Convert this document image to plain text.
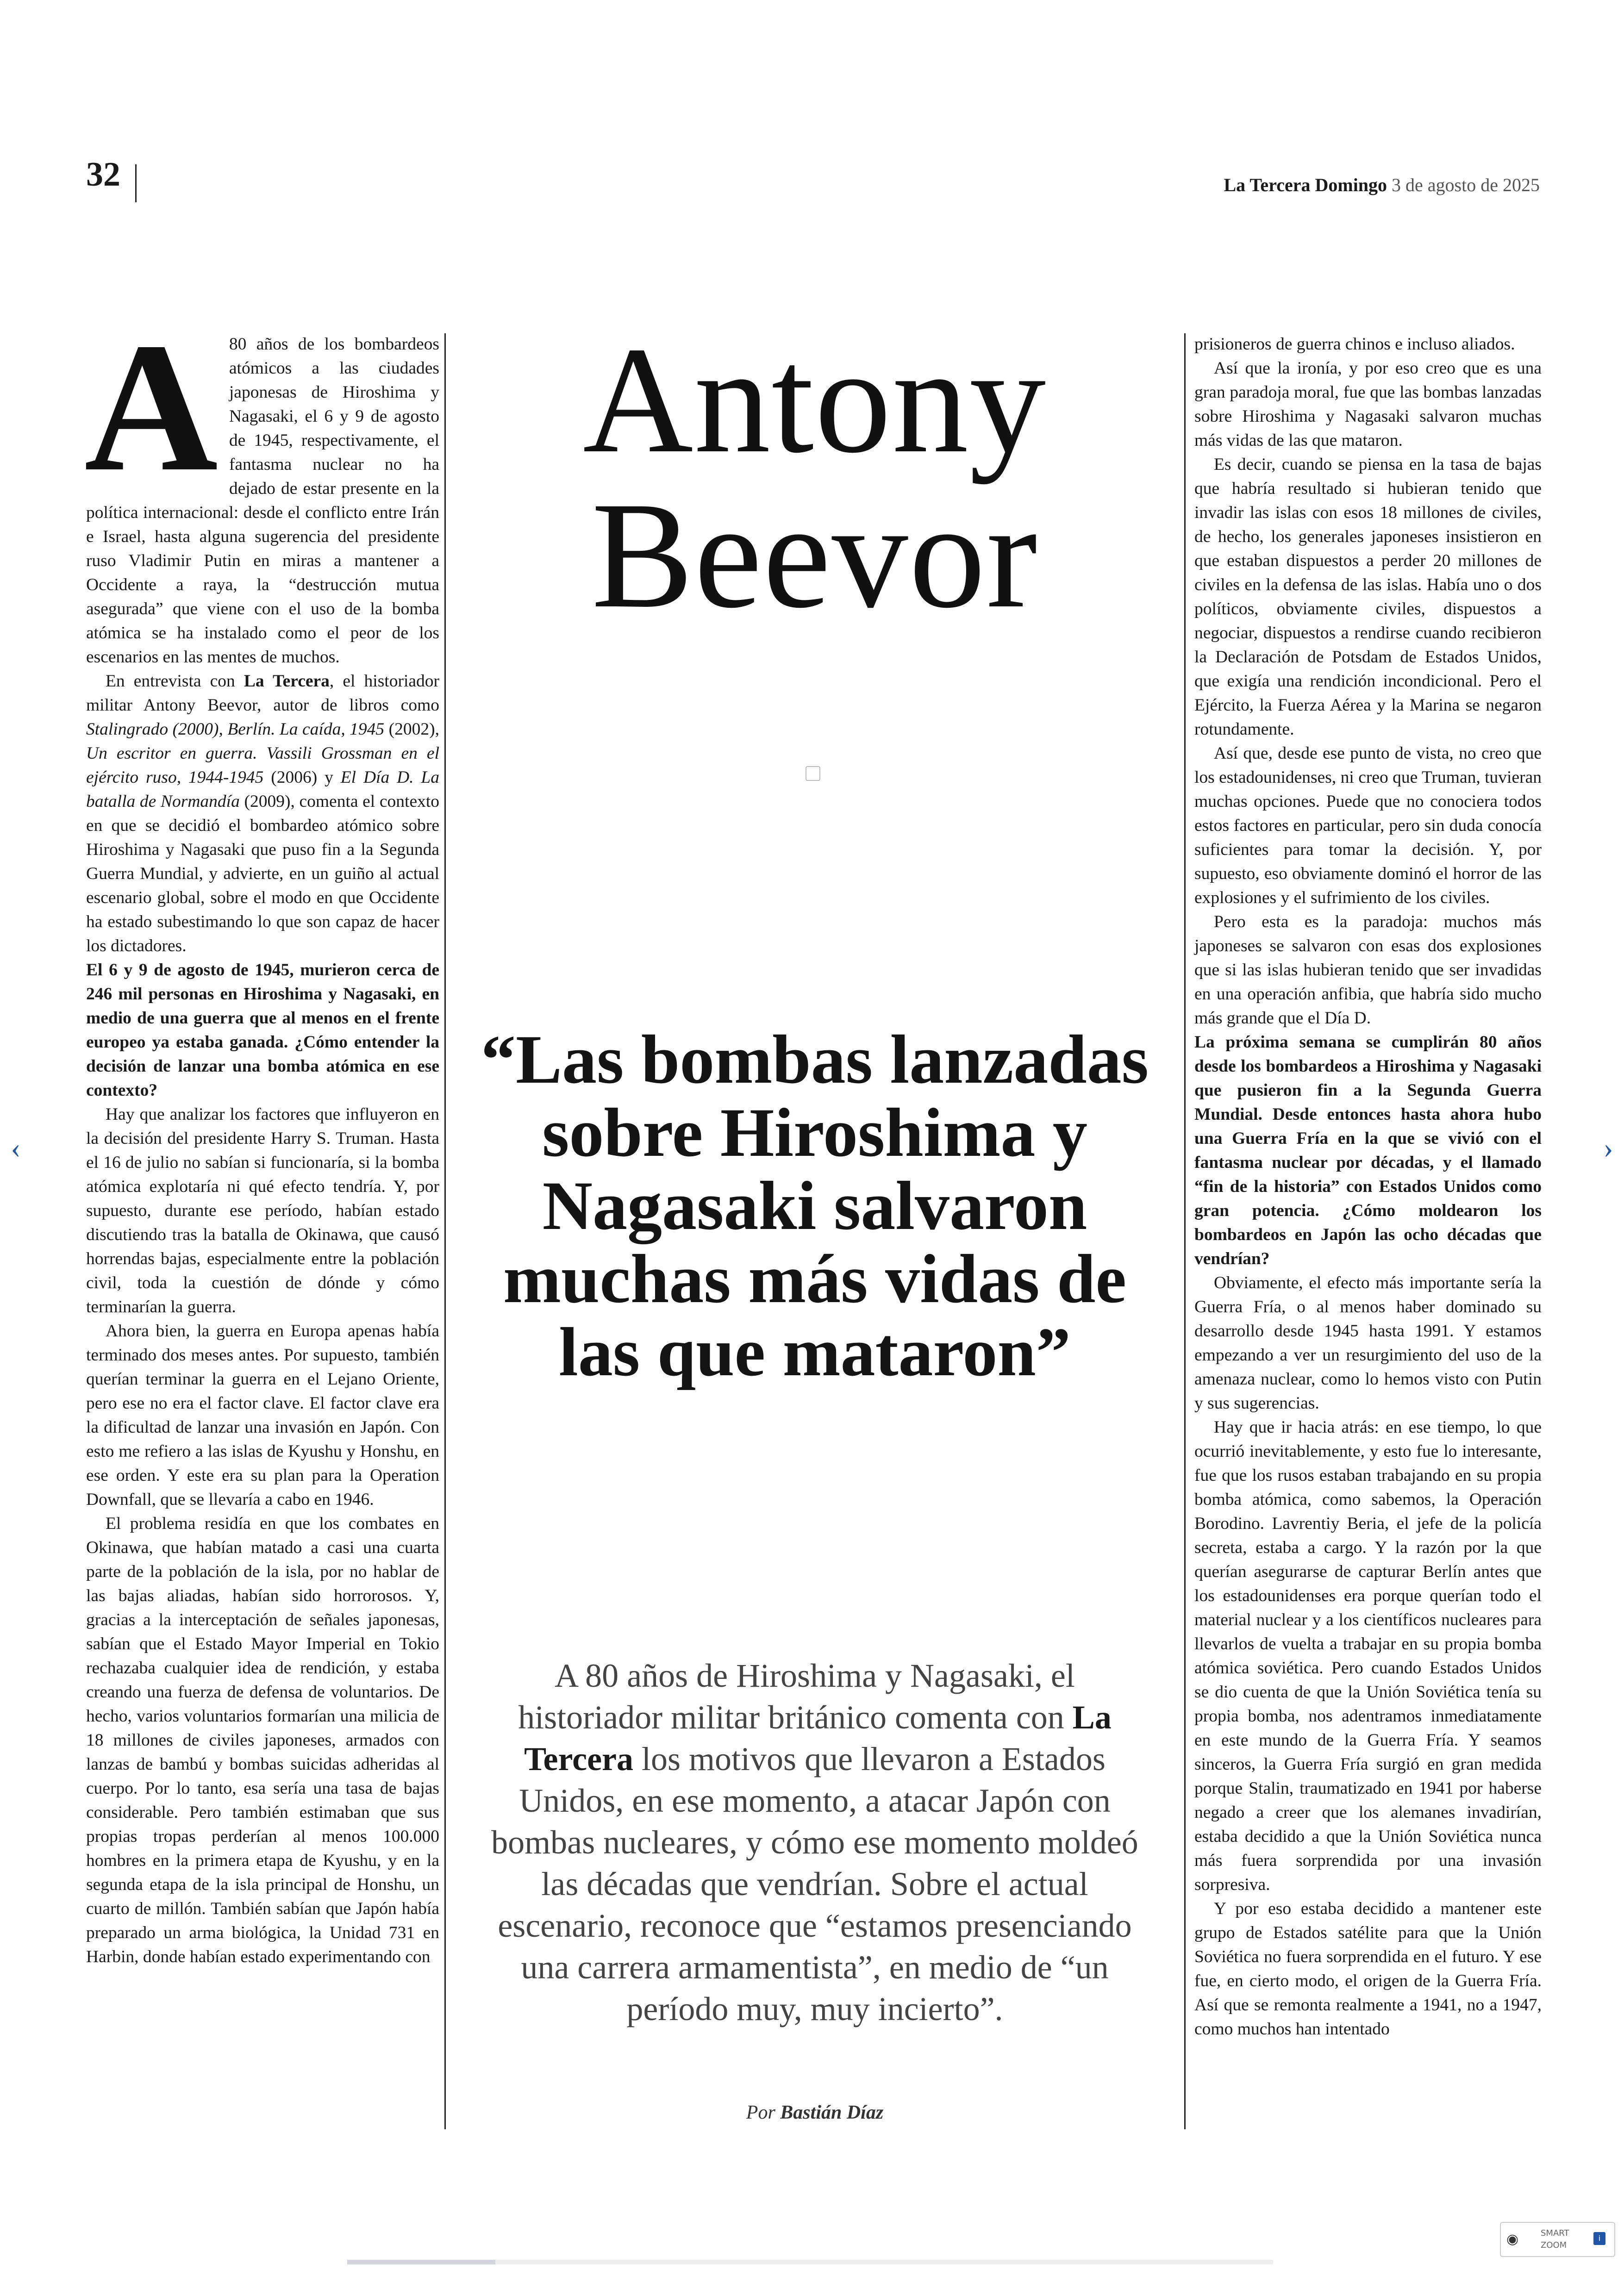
32	La Tercera Domingo 3 de agosto de 2025

A 80 años de los bombardeos atómicos a las ciudades japonesas de Hiroshima y Nagasaki, el 6 y 9 de agosto de 1945, respectivamente, el fantasma nuclear no ha dejado de estar presente en la política internacional: desde el conflicto entre Irán e Israel, hasta alguna sugerencia del presidente ruso Vladimir Putin en miras a mantener a Occidente a raya, la “destrucción mutua asegurada” que viene con el uso de la bomba atómica se ha instalado como el peor de los escenarios en las mentes de muchos.

En entrevista con La Tercera, el historiador militar Antony Beevor, autor de libros como Stalingrado (2000), Berlín. La caída, 1945 (2002), Un escritor en guerra. Vassili Grossman en el ejército ruso, 1944-1945 (2006) y El Día D. La batalla de Normandía (2009), comenta el contexto en que se decidió el bombardeo atómico sobre Hiroshima y Nagasaki que puso fin a la Segunda Guerra Mundial, y advierte, en un guiño al actual escenario global, sobre el modo en que Occidente ha estado subestimando lo que son capaz de hacer los dictadores.

El 6 y 9 de agosto de 1945, murieron cerca de 246 mil personas en Hiroshima y Nagasaki, en medio de una guerra que al menos en el frente europeo ya estaba ganada. ¿Cómo entender la decisión de lanzar una bomba atómica en ese contexto?

Hay que analizar los factores que influyeron en la decisión del presidente Harry S. Truman. Hasta el 16 de julio no sabían si funcionaría, si la bomba atómica explotaría ni qué efecto tendría. Y, por supuesto, durante ese período, habían estado discutiendo tras la batalla de Okinawa, que causó horrendas bajas, especialmente entre la población civil, toda la cuestión de dónde y cómo terminarían la guerra.

Ahora bien, la guerra en Europa apenas había terminado dos meses antes. Por supuesto, también querían terminar la guerra en el Lejano Oriente, pero ese no era el factor clave. El factor clave era la dificultad de lanzar una invasión en Japón. Con esto me refiero a las islas de Kyushu y Honshu, en ese orden. Y este era su plan para la Operation Downfall, que se llevaría a cabo en 1946.

El problema residía en que los combates en Okinawa, que habían matado a casi una cuarta parte de la población de la isla, por no hablar de las bajas aliadas, habían sido horrorosos. Y, gracias a la interceptación de señales japonesas, sabían que el Estado Mayor Imperial en Tokio rechazaba cualquier idea de rendición, y estaba creando una fuerza de defensa de voluntarios. De hecho, varios voluntarios formarían una milicia de 18 millones de civiles japoneses, armados con lanzas de bambú y bombas suicidas adheridas al cuerpo. Por lo tanto, esa sería una tasa de bajas considerable. Pero también estimaban que sus propias tropas perderían al menos 100.000 hombres en la primera etapa de Kyushu, y en la segunda etapa de la isla principal de Honshu, un cuarto de millón. También sabían que Japón había preparado un arma biológica, la Unidad 731 en Harbin, donde habían estado experimentando con

Antony
Beevor
“Las bombas lanzadas sobre Hiroshima y Nagasaki salvaron muchas más vidas de las que mataron”
A 80 años de Hiroshima y Nagasaki, el historiador militar británico comenta con La Tercera los motivos que llevaron a Estados Unidos, en ese momento, a atacar Japón con bombas nucleares, y cómo ese momento moldeó las décadas que vendrían. Sobre el actual escenario, reconoce que “estamos presenciando una carrera armamentista”, en medio de “un período muy, muy incierto”.
Por Bastián Díaz

prisioneros de guerra chinos e incluso aliados.

Así que la ironía, y por eso creo que es una gran paradoja moral, fue que las bombas lanzadas sobre Hiroshima y Nagasaki salvaron muchas más vidas de las que mataron.

Es decir, cuando se piensa en la tasa de bajas que habría resultado si hubieran tenido que invadir las islas con esos 18 millones de civiles, de hecho, los generales japoneses insistieron en que estaban dispuestos a perder 20 millones de civiles en la defensa de las islas. Había uno o dos políticos, obviamente civiles, dispuestos a negociar, dispuestos a rendirse cuando recibieron la Declaración de Potsdam de Estados Unidos, que exigía una rendición incondicional. Pero el Ejército, la Fuerza Aérea y la Marina se negaron rotundamente.

Así que, desde ese punto de vista, no creo que los estadounidenses, ni creo que Truman, tuvieran muchas opciones. Puede que no conociera todos estos factores en particular, pero sin duda conocía suficientes para tomar la decisión. Y, por supuesto, eso obviamente dominó el horror de las explosiones y el sufrimiento de los civiles.

Pero esta es la paradoja: muchos más japoneses se salvaron con esas dos explosiones que si las islas hubieran tenido que ser invadidas en una operación anfibia, que habría sido mucho más grande que el Día D.

La próxima semana se cumplirán 80 años desde los bombardeos a Hiroshima y Nagasaki que pusieron fin a la Segunda Guerra Mundial. Desde entonces hasta ahora hubo una Guerra Fría en la que se vivió con el fantasma nuclear por décadas, y el llamado “fin de la historia” con Estados Unidos como gran potencia. ¿Cómo moldearon los bombardeos en Japón las ocho décadas que vendrían?

Obviamente, el efecto más importante sería la Guerra Fría, o al menos haber dominado su desarrollo desde 1945 hasta 1991. Y estamos empezando a ver un resurgimiento del uso de la amenaza nuclear, como lo hemos visto con Putin y sus sugerencias.

Hay que ir hacia atrás: en ese tiempo, lo que ocurrió inevitablemente, y esto fue lo interesante, fue que los rusos estaban trabajando en su propia bomba atómica, como sabemos, la Operación Borodino. Lavrentiy Beria, el jefe de la policía secreta, estaba a cargo. Y la razón por la que querían asegurarse de capturar Berlín antes que los estadounidenses era porque querían todo el material nuclear y a los científicos nucleares para llevarlos de vuelta a trabajar en su propia bomba atómica soviética. Pero cuando Estados Unidos se dio cuenta de que la Unión Soviética tenía su propia bomba, nos adentramos inmediatamente en este mundo de la Guerra Fría. Y seamos sinceros, la Guerra Fría surgió en gran medida porque Stalin, traumatizado en 1941 por haberse negado a creer que los alemanes invadirían, estaba decidido a que la Unión Soviética nunca más fuera sorprendida por una invasión sorpresiva.

Y por eso estaba decidido a mantener este grupo de Estados satélite para que la Unión Soviética no fuera sorprendida en el futuro. Y ese fue, en cierto modo, el origen de la Guerra Fría. Así que se remonta realmente a 1941, no a 1947, como muchos han intentado

‹	›
◉	SMART
ZOOM
i
